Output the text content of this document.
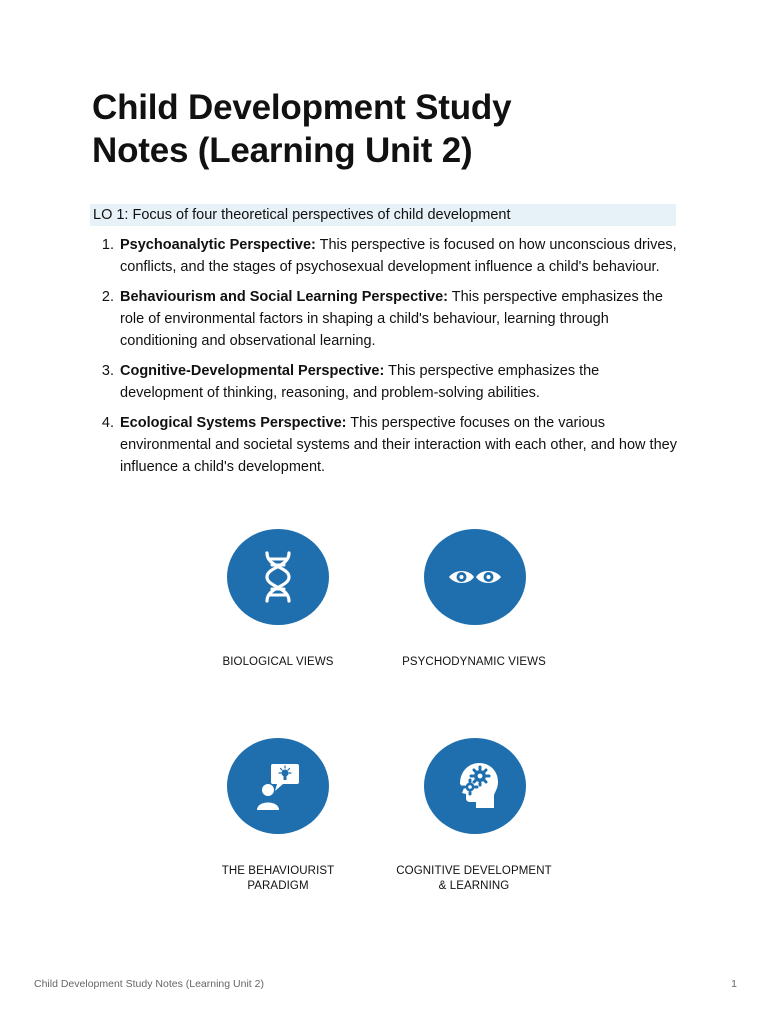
Child Development Study
Notes (Learning Unit 2)
LO 1: Focus of four theoretical perspectives of child development
1. Psychoanalytic Perspective: This perspective is focused on how unconscious drives, conflicts, and the stages of psychosexual development influence a child's behaviour.
2. Behaviourism and Social Learning Perspective: This perspective emphasizes the role of environmental factors in shaping a child's behaviour, learning through conditioning and observational learning.
3. Cognitive-Developmental Perspective: This perspective emphasizes the development of thinking, reasoning, and problem-solving abilities.
4. Ecological Systems Perspective: This perspective focuses on the various environmental and societal systems and their interaction with each other, and how they influence a child's development.
BIOLOGICAL VIEWS	PSYCHODYNAMIC VIEWS
THE BEHAVIOURIST
PARADIGM
COGNITIVE DEVELOPMENT
& LEARNING
Child Development Study Notes (Learning Unit 2)	1
